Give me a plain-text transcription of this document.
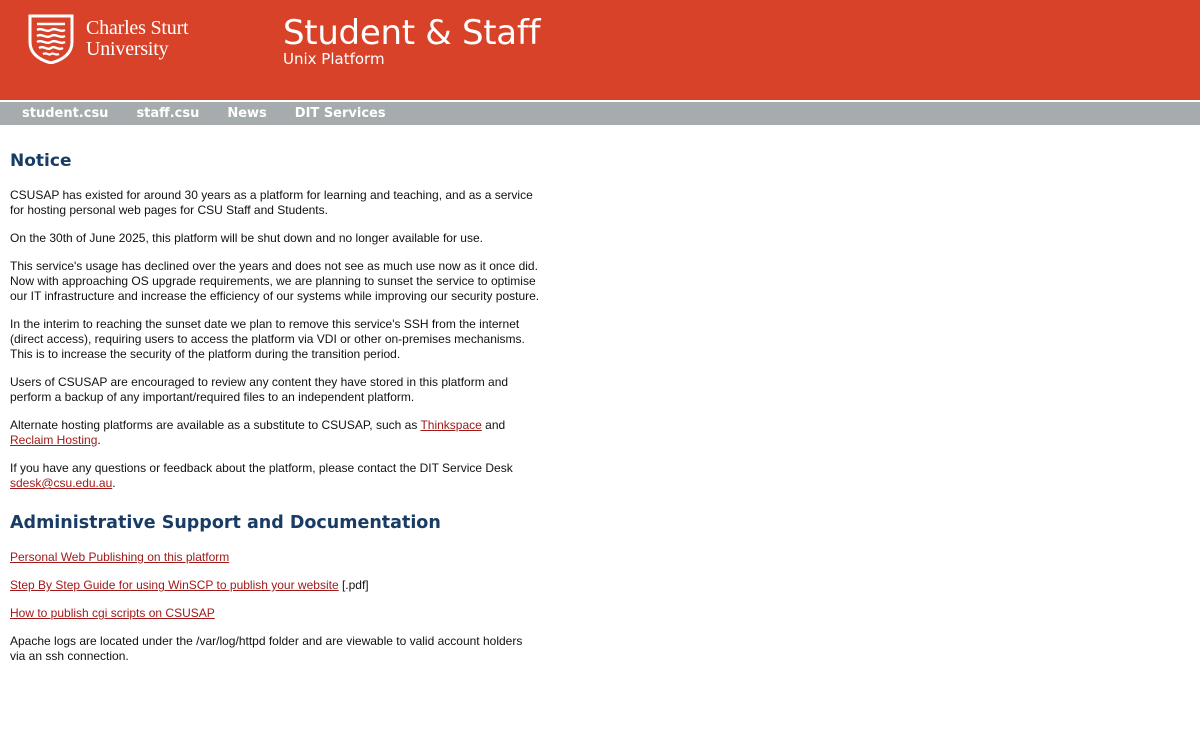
Charles Sturt
University	Student & Staff
Unix Platform
student.csu	staff.csu	News	DIT Services
Notice

CSUSAP has existed for around 30 years as a platform for learning and teaching, and as a service for hosting personal web pages for CSU Staff and Students.

On the 30th of June 2025, this platform will be shut down and no longer available for use.

This service's usage has declined over the years and does not see as much use now as it once did. Now with approaching OS upgrade requirements, we are planning to sunset the service to optimise our IT infrastructure and increase the efficiency of our systems while improving our security posture.

In the interim to reaching the sunset date we plan to remove this service's SSH from the internet (direct access), requiring users to access the platform via VDI or other on-premises mechanisms. This is to increase the security of the platform during the transition period.

Users of CSUSAP are encouraged to review any content they have stored in this platform and perform a backup of any important/required files to an independent platform.

Alternate hosting platforms are available as a substitute to CSUSAP, such as Thinkspace and Reclaim Hosting.

If you have any questions or feedback about the platform, please contact the DIT Service Desk sdesk@csu.edu.au.

Administrative Support and Documentation

Personal Web Publishing on this platform

Step By Step Guide for using WinSCP to publish your website [.pdf]

How to publish cgi scripts on CSUSAP

Apache logs are located under the /var/log/httpd folder and are viewable to valid account holders via an ssh connection.
